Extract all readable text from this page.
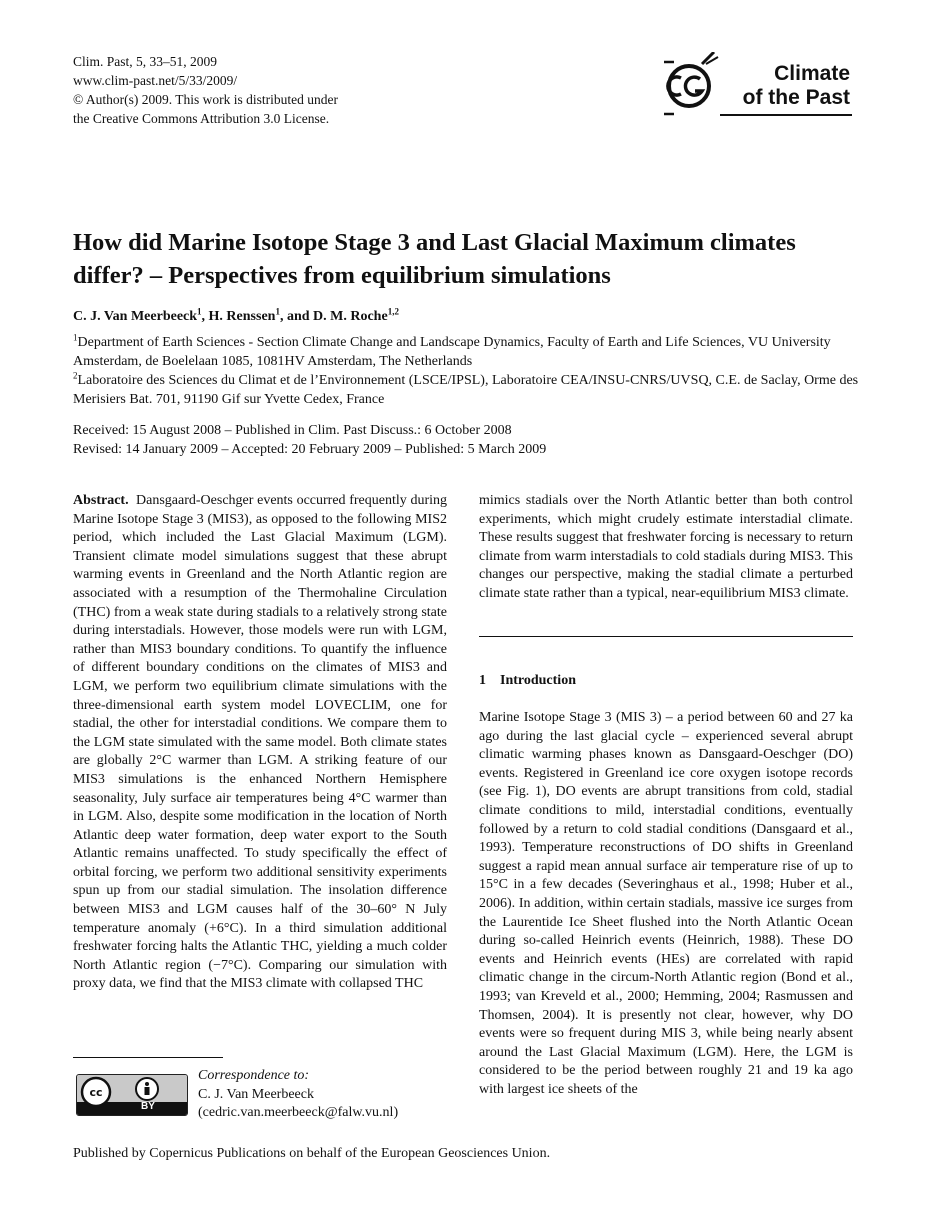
Clim. Past, 5, 33–51, 2009
www.clim-past.net/5/33/2009/
© Author(s) 2009. This work is distributed under
the Creative Commons Attribution 3.0 License.
Climate
of the Past
How did Marine Isotope Stage 3 and Last Glacial Maximum climates differ? – Perspectives from equilibrium simulations
C. J. Van Meerbeeck$^1$, H. Renssen$^1$, and D. M. Roche$^{1,2}$
$^1$Department of Earth Sciences - Section Climate Change and Landscape Dynamics, Faculty of Earth and Life Sciences, VU University Amsterdam, de Boelelaan 1085, 1081HV Amsterdam, The Netherlands
$^2$Laboratoire des Sciences du Climat et de l’Environnement (LSCE/IPSL), Laboratoire CEA/INSU-CNRS/UVSQ, C.E. de Saclay, Orme des Merisiers Bat. 701, 91190 Gif sur Yvette Cedex, France
Received: 15 August 2008 – Published in Clim. Past Discuss.: 6 October 2008
Revised: 14 January 2009 – Accepted: 20 February 2009 – Published: 5 March 2009

Abstract. Dansgaard-Oeschger events occurred frequently during Marine Isotope Stage 3 (MIS3), as opposed to the following MIS2 period, which included the Last Glacial Maximum (LGM). Transient climate model simulations suggest that these abrupt warming events in Greenland and the North Atlantic region are associated with a resumption of the Thermohaline Circulation (THC) from a weak state during stadials to a relatively strong state during interstadials. However, those models were run with LGM, rather than MIS3 boundary conditions. To quantify the influence of different boundary conditions on the climates of MIS3 and LGM, we perform two equilibrium climate simulations with the three-dimensional earth system model LOVECLIM, one for stadial, the other for interstadial conditions. We compare them to the LGM state simulated with the same model. Both climate states are globally 2°C warmer than LGM. A striking feature of our MIS3 simulations is the enhanced Northern Hemisphere seasonality, July surface air temperatures being 4°C warmer than in LGM. Also, despite some modification in the location of North Atlantic deep water formation, deep water export to the South Atlantic remains unaffected. To study specifically the effect of orbital forcing, we perform two additional sensitivity experiments spun up from our stadial simulation. The insolation difference between MIS3 and LGM causes half of the 30–60° N July temperature anomaly (+6°C). In a third simulation additional freshwater forcing halts the Atlantic THC, yielding a much colder North Atlantic region (−7°C). Comparing our simulation with proxy data, we find that the MIS3 climate with collapsed THC

mimics stadials over the North Atlantic better than both control experiments, which might crudely estimate interstadial climate. These results suggest that freshwater forcing is necessary to return climate from warm interstadials to cold stadials during MIS3. This changes our perspective, making the stadial climate a perturbed climate state rather than a typical, near-equilibrium MIS3 climate.

1 Introduction

Marine Isotope Stage 3 (MIS 3) – a period between 60 and 27 ka ago during the last glacial cycle – experienced several abrupt climatic warming phases known as Dansgaard-Oeschger (DO) events. Registered in Greenland ice core oxygen isotope records (see Fig. 1), DO events are abrupt transitions from cold, stadial climate conditions to mild, interstadial conditions, eventually followed by a return to cold stadial conditions (Dansgaard et al., 1993). Temperature reconstructions of DO shifts in Greenland suggest a rapid mean annual surface air temperature rise of up to 15°C in a few decades (Severinghaus et al., 1998; Huber et al., 2006). In addition, within certain stadials, massive ice surges from the Laurentide Ice Sheet flushed into the North Atlantic Ocean during so-called Heinrich events (Heinrich, 1988). These DO events and Heinrich events (HEs) are correlated with rapid climatic change in the circum-North Atlantic region (Bond et al., 1993; van Kreveld et al., 2000; Hemming, 2004; Rasmussen and Thomsen, 2004). It is presently not clear, however, why DO events were so frequent during MIS 3, while being nearly absent around the Last Glacial Maximum (LGM). Here, the LGM is considered to be the period between roughly 21 and 19 ka ago with largest ice sheets of the

cc
BY
Correspondence to:
C. J. Van Meerbeeck
(cedric.van.meerbeeck@falw.vu.nl)
Published by Copernicus Publications on behalf of the European Geosciences Union.
